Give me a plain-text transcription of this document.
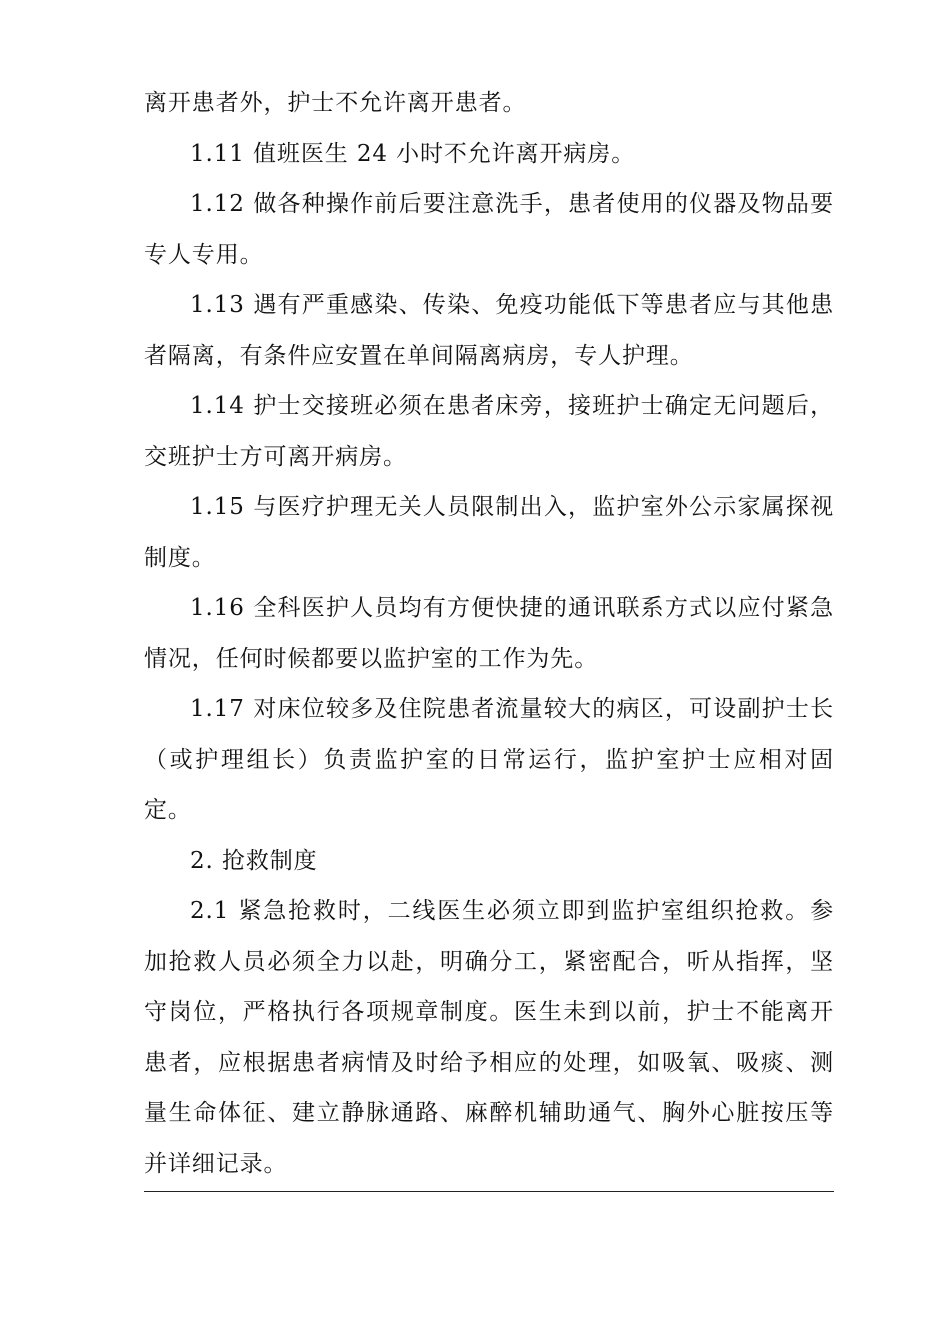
离开患者外，护士不允许离开患者。

1.11 值班医生 24 小时不允许离开病房。

1.12 做各种操作前后要注意洗手，患者使用的仪器及物品要专人专用。

1.13 遇有严重感染、传染、免疫功能低下等患者应与其他患者隔离，有条件应安置在单间隔离病房，专人护理。

1.14 护士交接班必须在患者床旁，接班护士确定无问题后，交班护士方可离开病房。

1.15 与医疗护理无关人员限制出入，监护室外公示家属探视制度。

1.16 全科医护人员均有方便快捷的通讯联系方式以应付紧急情况，任何时候都要以监护室的工作为先。

1.17 对床位较多及住院患者流量较大的病区，可设副护士长（或护理组长）负责监护室的日常运行，监护室护士应相对固定。

2. 抢救制度

2.1 紧急抢救时，二线医生必须立即到监护室组织抢救。参加抢救人员必须全力以赴，明确分工，紧密配合，听从指挥，坚守岗位，严格执行各项规章制度。医生未到以前，护士不能离开患者，应根据患者病情及时给予相应的处理，如吸氧、吸痰、测量生命体征、建立静脉通路、麻醉机辅助通气、胸外心脏按压等并详细记录。
